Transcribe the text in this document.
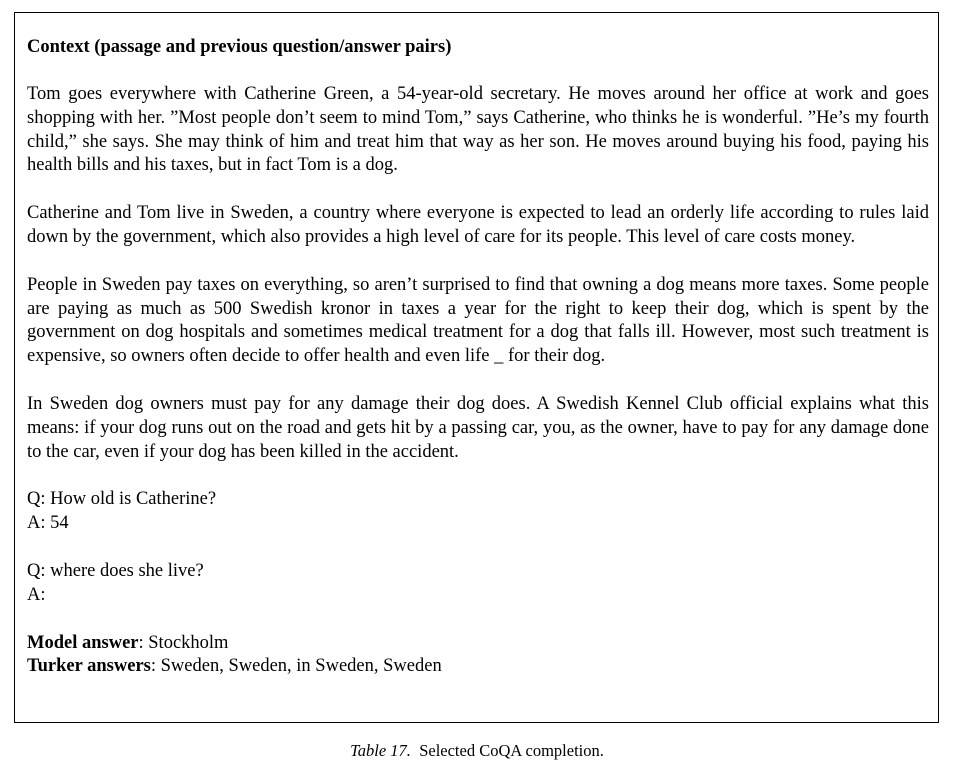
Context (passage and previous question/answer pairs)

Tom goes everywhere with Catherine Green, a 54-year-old secretary. He moves around her office at work and goes shopping with her. ”Most people don’t seem to mind Tom,” says Catherine, who thinks he is wonderful. ”He’s my fourth child,” she says. She may think of him and treat him that way as her son. He moves around buying his food, paying his health bills and his taxes, but in fact Tom is a dog.

Catherine and Tom live in Sweden, a country where everyone is expected to lead an orderly life according to rules laid down by the government, which also provides a high level of care for its people. This level of care costs money.

People in Sweden pay taxes on everything, so aren’t surprised to find that owning a dog means more taxes. Some people are paying as much as 500 Swedish kronor in taxes a year for the right to keep their dog, which is spent by the government on dog hospitals and sometimes medical treatment for a dog that falls ill. However, most such treatment is expensive, so owners often decide to offer health and even life _ for their dog.

In Sweden dog owners must pay for any damage their dog does. A Swedish Kennel Club official explains what this means: if your dog runs out on the road and gets hit by a passing car, you, as the owner, have to pay for any damage done to the car, even if your dog has been killed in the accident.

Q: How old is Catherine?

A: 54

Q: where does she live?

A:

Model answer: Stockholm

Turker answers: Sweden, Sweden, in Sweden, Sweden

Table 17. Selected CoQA completion.
